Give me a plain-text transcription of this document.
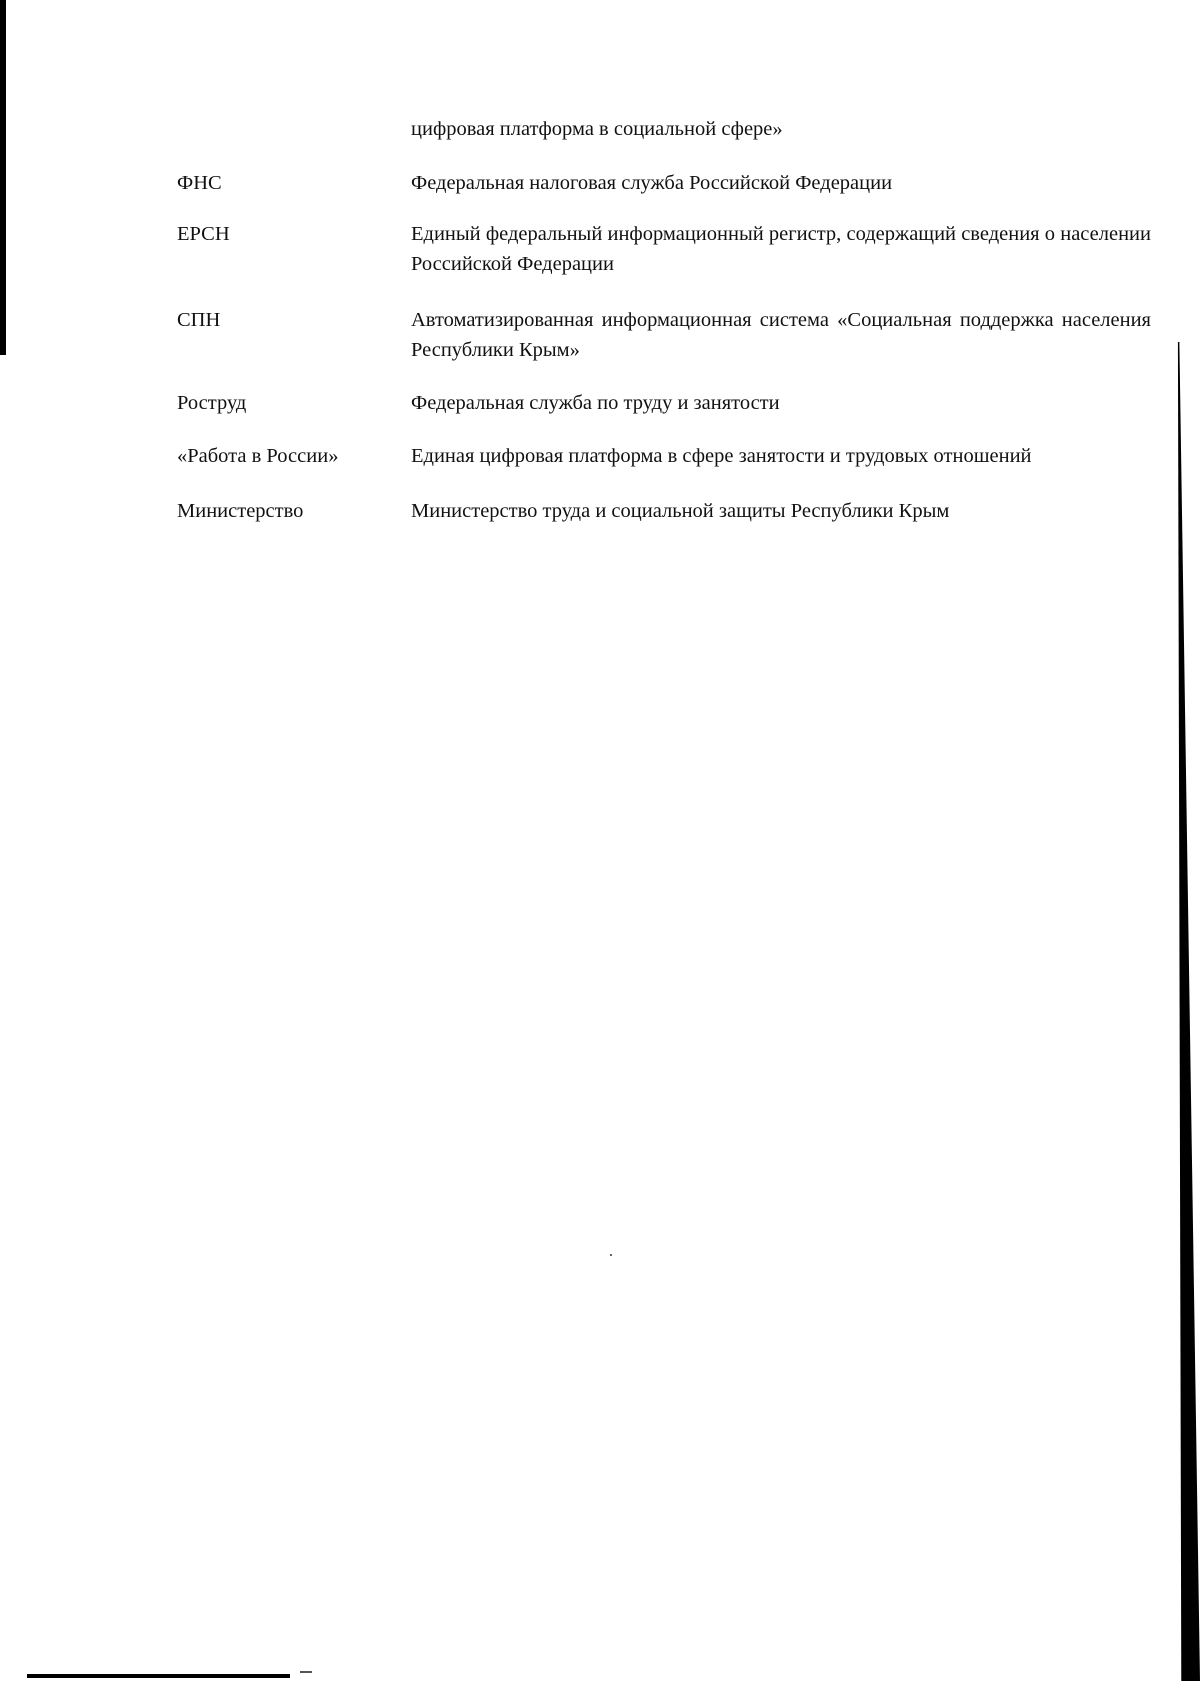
цифровая платформа в социальной сфере»
ФНС	Федеральная налоговая служба Российской Федерации
ЕРСН	Единый федеральный информационный регистр, содержащий сведения о населении Российской Федерации
СПН	Автоматизированная информационная система «Социальная поддержка населения Республики Крым»
Роструд	Федеральная служба по труду и занятости
«Работа в России»	Единая цифровая платформа в сфере занятости и трудовых отношений
Министерство	Министерство труда и социальной защиты Республики Крым
